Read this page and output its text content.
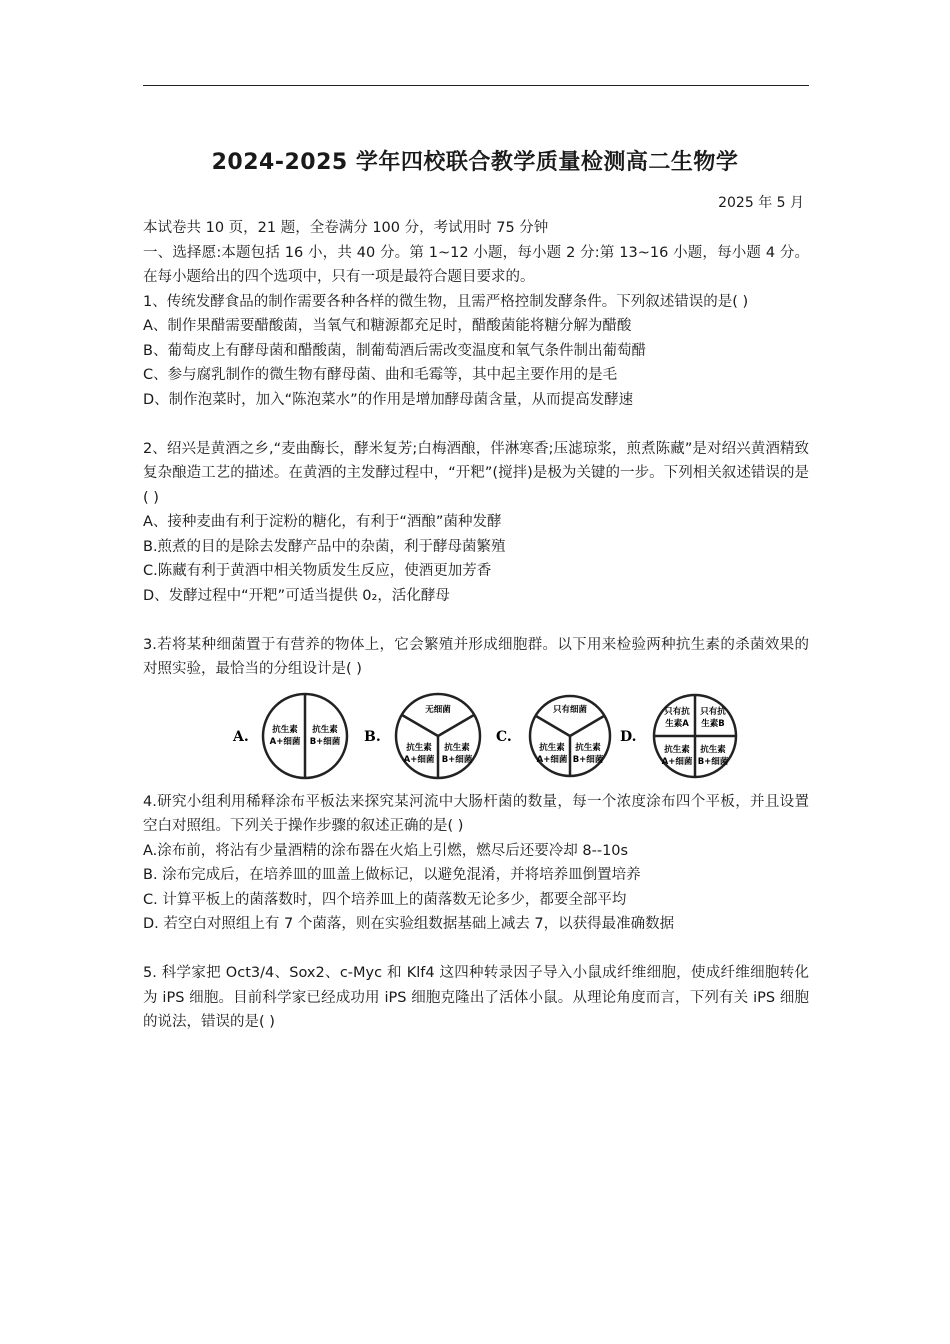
2024-2025 学年四校联合教学质量检测高二生物学
2025 年 5 月

本试卷共 10 页，21 题，全卷满分 100 分，考试用时 75 分钟

一、选择愿:本题包括 16 小，共 40 分。第 1~12 小题，每小题 2 分:第 13~16 小题，每小题 4 分。在每小题给出的四个选项中，只有一项是最符合题目要求的。

1、传统发酵食品的制作需要各种各样的微生物，且需严格控制发酵条件。下列叙述错误的是( )

A、制作果醋需要醋酸菌，当氧气和糖源都充足时，醋酸菌能将糖分解为醋酸

B、葡萄皮上有酵母菌和醋酸菌，制葡萄酒后需改变温度和氧气条件制出葡萄醋

C、参与腐乳制作的微生物有酵母菌、曲和毛霉等，其中起主要作用的是毛

D、制作泡菜时，加入“陈泡菜水”的作用是增加酵母菌含量，从而提高发酵速

2、绍兴是黄酒之乡,“麦曲酶长，酵米复芳;白梅酒酿，伴淋寒香;压滤琼浆，煎煮陈藏”是对绍兴黄酒精致复杂酿造工艺的描述。在黄酒的主发酵过程中，“开粑”(搅拌)是极为关键的一步。下列相关叙述错误的是( )

A、接种麦曲有利于淀粉的糖化，有利于“酒酿”菌种发酵

B.煎煮的目的是除去发酵产品中的杂菌，利于酵母菌繁殖

C.陈藏有利于黄酒中相关物质发生反应，使酒更加芳香

D、发酵过程中“开粑”可适当提供 0₂，活化酵母

3.若将某种细菌置于有营养的物体上，它会繁殖并形成细胞群。以下用来检验两种抗生素的杀菌效果的对照实验，最恰当的分组设计是( )

A.	B.	C.	D.
抗生素
A+细菌
抗生素
B+细菌
无细菌
抗生素
A+细菌
抗生素
B+细菌
只有细菌
抗生素
A+细菌
抗生素
B+细菌
只有抗
生素A
只有抗
生素B
抗生素
A+细菌
抗生素
B+细菌

4.研究小组利用稀释涂布平板法来探究某河流中大肠杆菌的数量，每一个浓度涂布四个平板，并且设置空白对照组。下列关于操作步骤的叙述正确的是( )

A.涂布前，将沾有少量酒精的涂布器在火焰上引燃，燃尽后还要冷却 8--10s

B. 涂布完成后，在培养皿的皿盖上做标记，以避免混淆，并将培养皿倒置培养

C. 计算平板上的菌落数时，四个培养皿上的菌落数无论多少，都要全部平均

D. 若空白对照组上有 7 个菌落，则在实验组数据基础上减去 7，以获得最准确数据

5. 科学家把 Oct3/4、Sox2、c-Myc 和 Klf4 这四种转录因子导入小鼠成纤维细胞，使成纤维细胞转化为 iPS 细胞。目前科学家已经成功用 iPS 细胞克隆出了活体小鼠。从理论角度而言，下列有关 iPS 细胞的说法，错误的是( )
